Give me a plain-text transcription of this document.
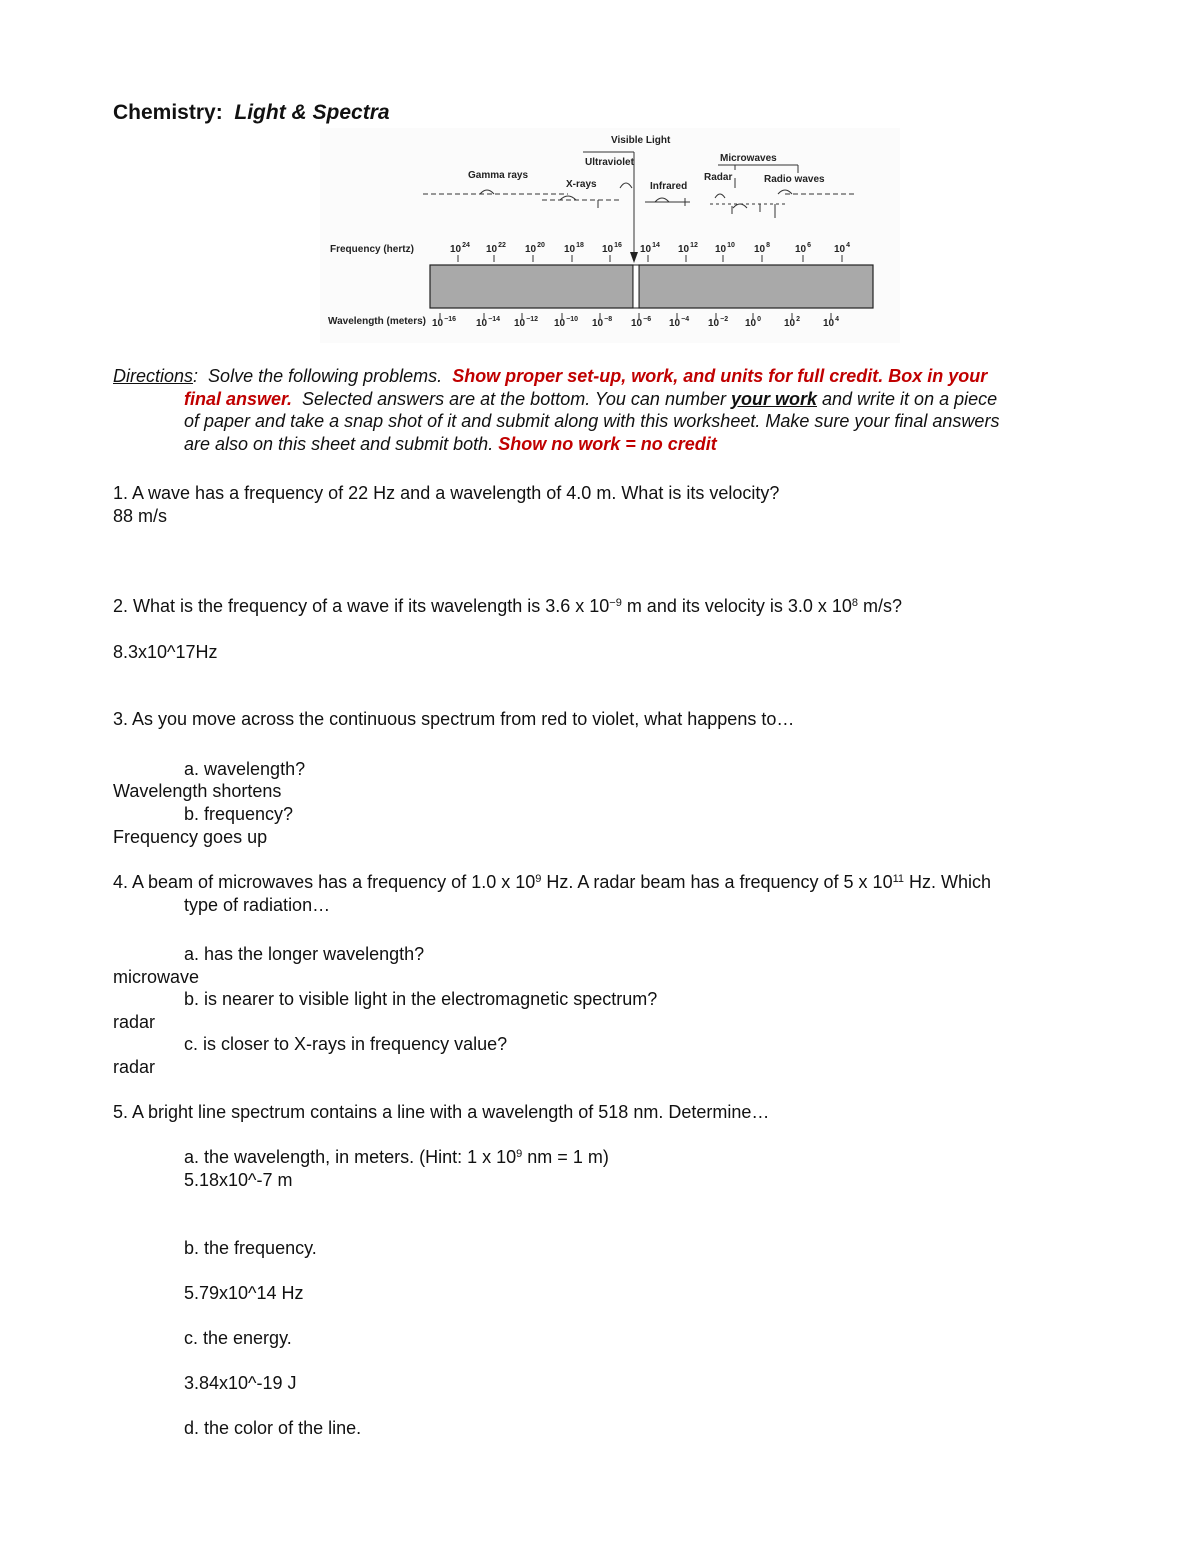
Chemistry: Light & Spectra
Visible Light
Ultraviolet	Microwaves
Gamma rays	Radar	Radio waves
X-rays	Infrared
Frequency (hertz)	$10^{24}$ $10^{22}$ $10^{20}$ $10^{18}$ $10^{16}$ $10^{14}$ $10^{12}$ $10^{10}$ $10^8$ $10^6$ $10^4$
Wavelength (meters) $10^{-16}$ $10^{-14}$ $10^{-12}$ $10^{-10}$ $10^{-8}$ $10^{-6}$ $10^{-4}$ $10^{-2}$ $10^0$ $10^2$ $10^4$
Directions:  Solve the following problems.  Show proper set-up, work, and units for full credit. Box in your
final answer.  Selected answers are at the bottom. You can number your work and write it on a piece
of paper and take a snap shot of it and submit along with this worksheet. Make sure your final answers
are also on this sheet and submit both. Show no work = no credit
1. A wave has a frequency of 22 Hz and a wavelength of 4.0 m. What is its velocity?
88 m/s
2. What is the frequency of a wave if its wavelength is 3.6 x $10^{-9}$ m and its velocity is 3.0 x $10^8$ m/s?
8.3x10^17Hz
3. As you move across the continuous spectrum from red to violet, what happens to…
a. wavelength?
Wavelength shortens
b. frequency?
Frequency goes up
4. A beam of microwaves has a frequency of 1.0 x $10^9$ Hz. A radar beam has a frequency of 5 x $10^{11}$ Hz. Which
type of radiation…
a. has the longer wavelength?
microwave
b. is nearer to visible light in the electromagnetic spectrum?
radar
c. is closer to X-rays in frequency value?
radar
5. A bright line spectrum contains a line with a wavelength of 518 nm. Determine…
a. the wavelength, in meters. (Hint: 1 x $10^9$ nm = 1 m)
5.18x10^-7 m
b. the frequency.
5.79x10^14 Hz
c. the energy.
3.84x10^-19 J
d. the color of the line.
